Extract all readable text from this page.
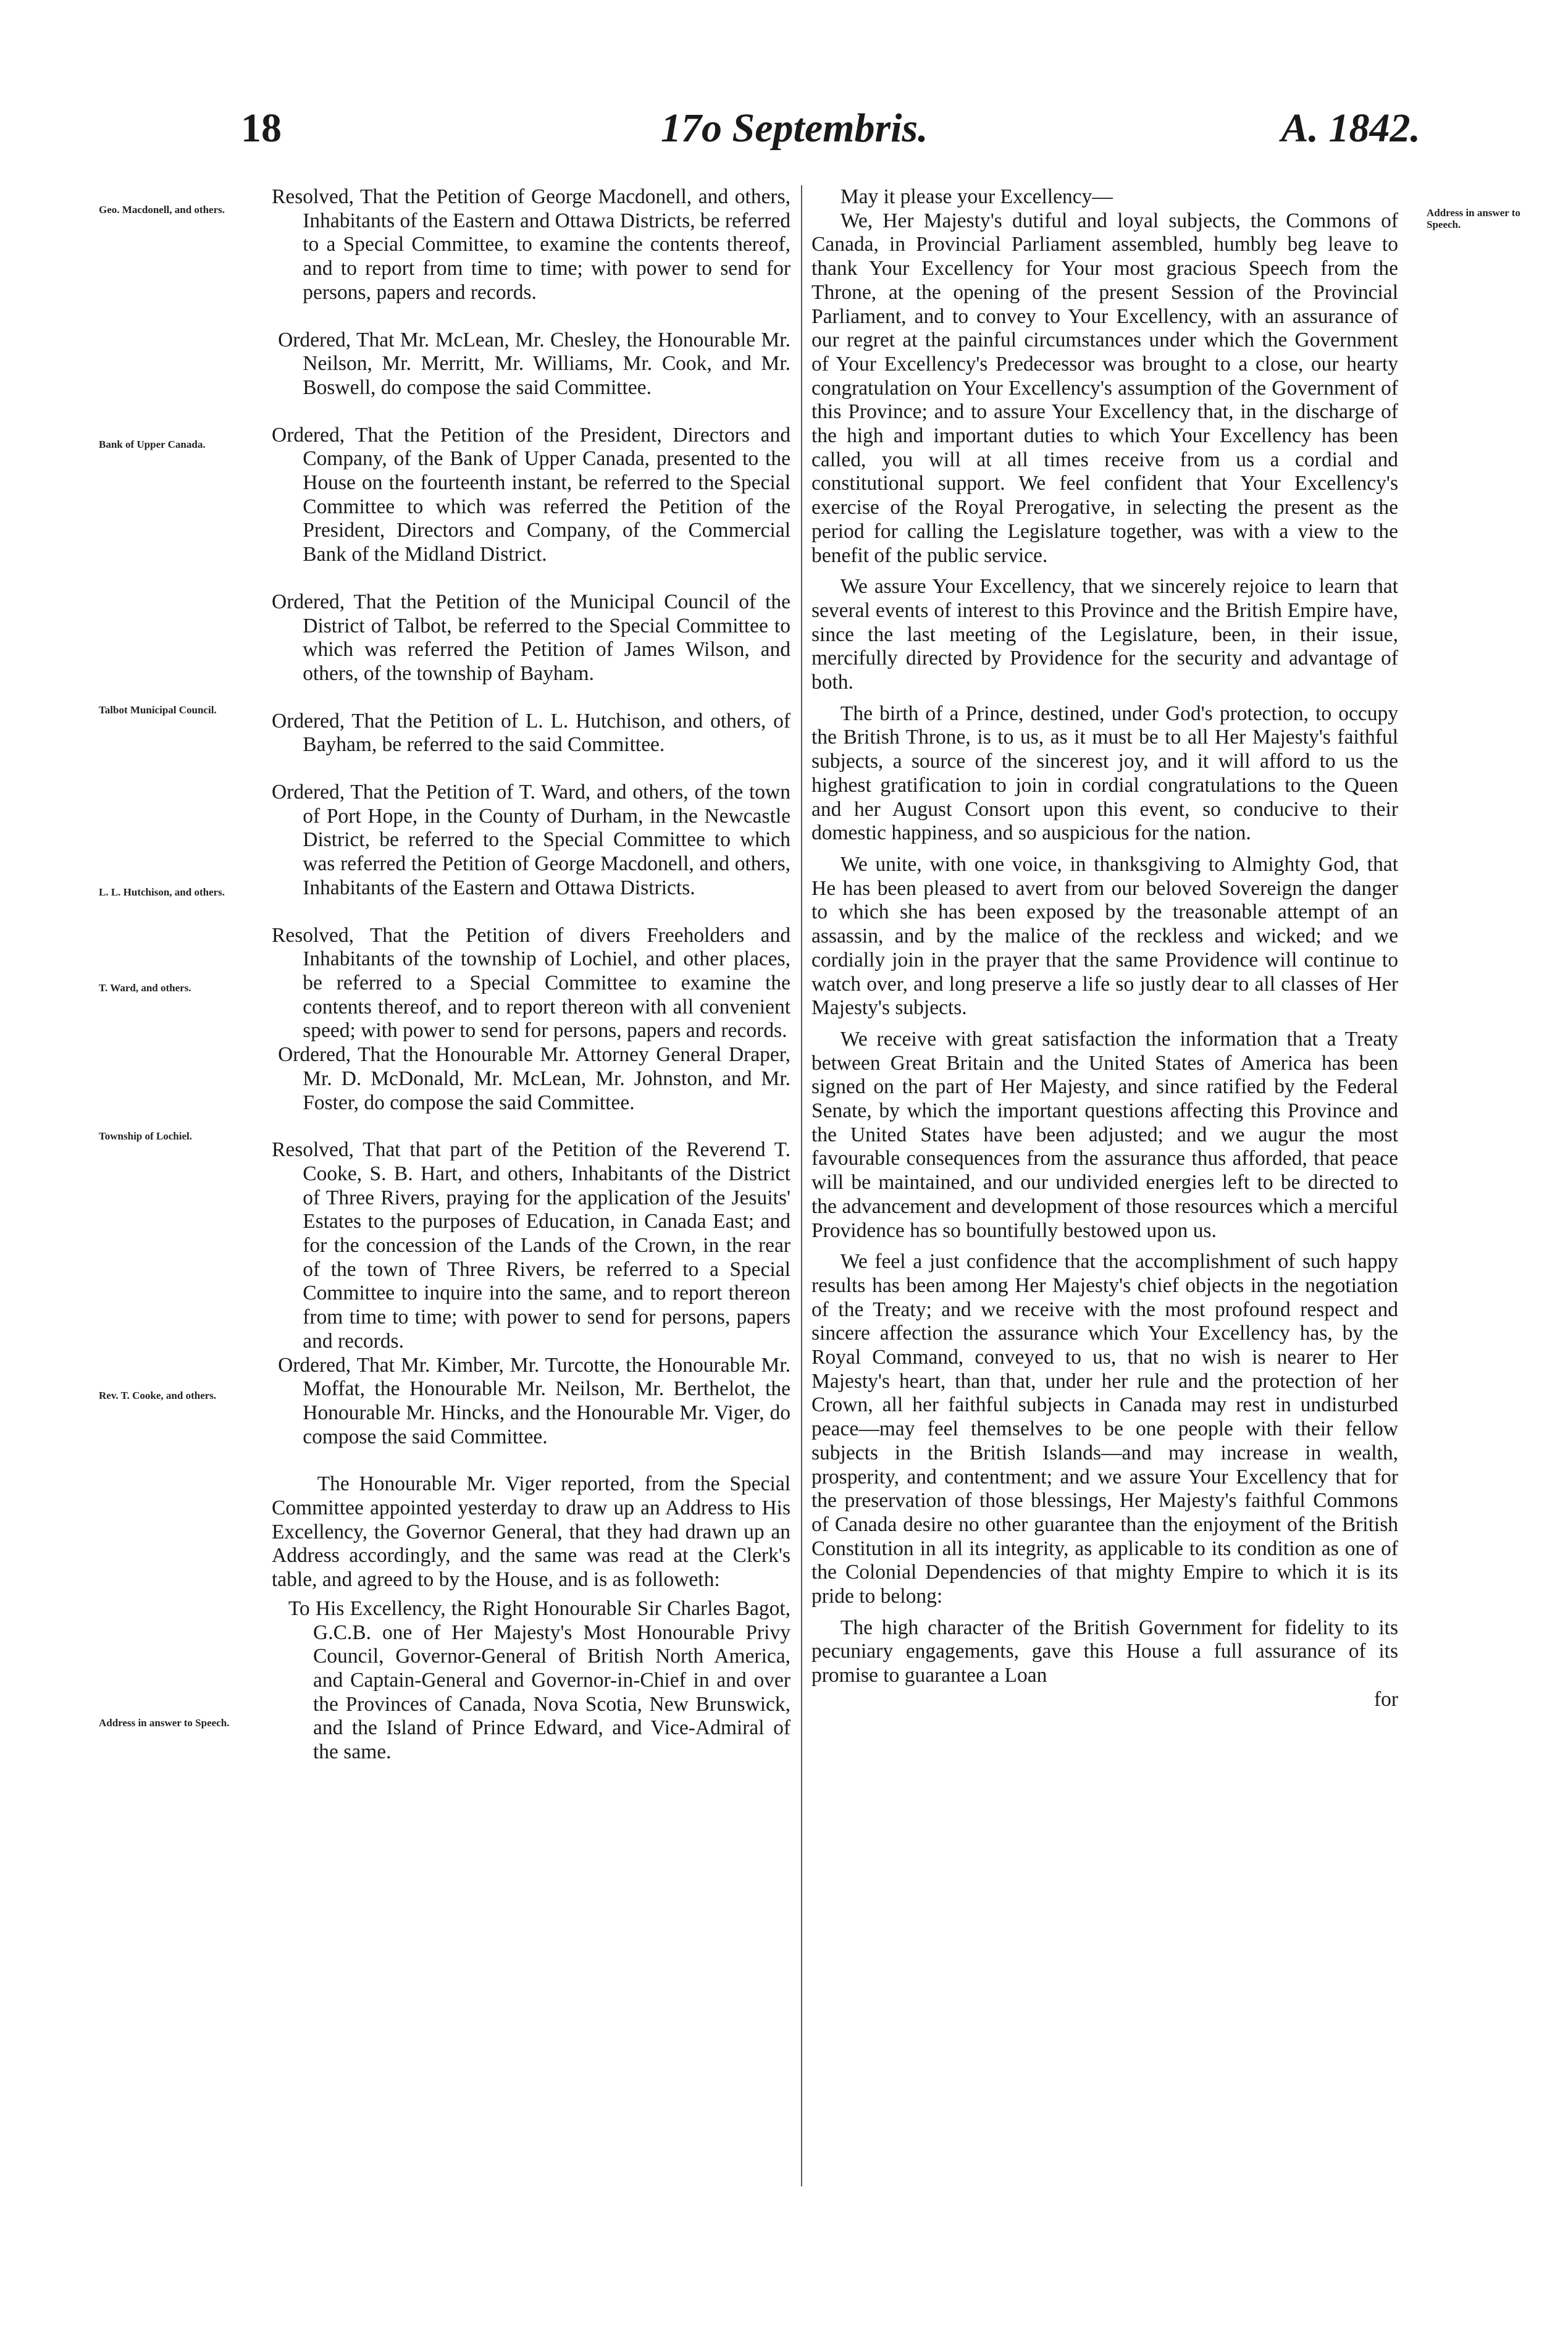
18	17o Septembris.	A. 1842.
Geo. Macdonell, and others.
Bank of Upper Canada.
Talbot Municipal Council.
L. L. Hutchison, and others.
T. Ward, and others.
Township of Lochiel.
Rev. T. Cooke, and others.
Address in answer to Speech.
Address in answer to Speech.

Resolved, That the Petition of George Macdonell, and others, Inhabitants of the Eastern and Ottawa Districts, be referred to a Special Committee, to examine the contents thereof, and to report from time to time; with power to send for persons, papers and records.

Ordered, That Mr. McLean, Mr. Chesley, the Honourable Mr. Neilson, Mr. Merritt, Mr. Williams, Mr. Cook, and Mr. Boswell, do compose the said Committee.

Ordered, That the Petition of the President, Directors and Company, of the Bank of Upper Canada, presented to the House on the fourteenth instant, be referred to the Special Committee to which was referred the Petition of the President, Directors and Company, of the Commercial Bank of the Midland District.

Ordered, That the Petition of the Municipal Council of the District of Talbot, be referred to the Special Committee to which was referred the Petition of James Wilson, and others, of the township of Bayham.

Ordered, That the Petition of L. L. Hutchison, and others, of Bayham, be referred to the said Committee.

Ordered, That the Petition of T. Ward, and others, of the town of Port Hope, in the County of Durham, in the Newcastle District, be referred to the Special Committee to which was referred the Petition of George Macdonell, and others, Inhabitants of the Eastern and Ottawa Districts.

Resolved, That the Petition of divers Freeholders and Inhabitants of the township of Lochiel, and other places, be referred to a Special Committee to examine the contents thereof, and to report thereon with all convenient speed; with power to send for persons, papers and records.

Ordered, That the Honourable Mr. Attorney General Draper, Mr. D. McDonald, Mr. McLean, Mr. Johnston, and Mr. Foster, do compose the said Committee.

Resolved, That that part of the Petition of the Reverend T. Cooke, S. B. Hart, and others, Inhabitants of the District of Three Rivers, praying for the application of the Jesuits' Estates to the purposes of Education, in Canada East; and for the concession of the Lands of the Crown, in the rear of the town of Three Rivers, be referred to a Special Committee to inquire into the same, and to report thereon from time to time; with power to send for persons, papers and records.

Ordered, That Mr. Kimber, Mr. Turcotte, the Honourable Mr. Moffat, the Honourable Mr. Neilson, Mr. Berthelot, the Honourable Mr. Hincks, and the Honourable Mr. Viger, do compose the said Committee.

The Honourable Mr. Viger reported, from the Special Committee appointed yesterday to draw up an Address to His Excellency, the Governor General, that they had drawn up an Address accordingly, and the same was read at the Clerk's table, and agreed to by the House, and is as followeth:

To His Excellency, the Right Honourable Sir Charles Bagot, G.C.B. one of Her Majesty's Most Honourable Privy Council, Governor-General of British North America, and Captain-General and Governor-in-Chief in and over the Provinces of Canada, Nova Scotia, New Brunswick, and the Island of Prince Edward, and Vice-Admiral of the same.

May it please your Excellency—

We, Her Majesty's dutiful and loyal subjects, the Commons of Canada, in Provincial Parliament assembled, humbly beg leave to thank Your Excellency for Your most gracious Speech from the Throne, at the opening of the present Session of the Provincial Parliament, and to convey to Your Excellency, with an assurance of our regret at the painful circumstances under which the Government of Your Excellency's Predecessor was brought to a close, our hearty congratulation on Your Excellency's assumption of the Government of this Province; and to assure Your Excellency that, in the discharge of the high and important duties to which Your Excellency has been called, you will at all times receive from us a cordial and constitutional support. We feel confident that Your Excellency's exercise of the Royal Prerogative, in selecting the present as the period for calling the Legislature together, was with a view to the benefit of the public service.

We assure Your Excellency, that we sincerely rejoice to learn that several events of interest to this Province and the British Empire have, since the last meeting of the Legislature, been, in their issue, mercifully directed by Providence for the security and advantage of both.

The birth of a Prince, destined, under God's protection, to occupy the British Throne, is to us, as it must be to all Her Majesty's faithful subjects, a source of the sincerest joy, and it will afford to us the highest gratification to join in cordial congratulations to the Queen and her August Consort upon this event, so conducive to their domestic happiness, and so auspicious for the nation.

We unite, with one voice, in thanksgiving to Almighty God, that He has been pleased to avert from our beloved Sovereign the danger to which she has been exposed by the treasonable attempt of an assassin, and by the malice of the reckless and wicked; and we cordially join in the prayer that the same Providence will continue to watch over, and long preserve a life so justly dear to all classes of Her Majesty's subjects.

We receive with great satisfaction the information that a Treaty between Great Britain and the United States of America has been signed on the part of Her Majesty, and since ratified by the Federal Senate, by which the important questions affecting this Province and the United States have been adjusted; and we augur the most favourable consequences from the assurance thus afforded, that peace will be maintained, and our undivided energies left to be directed to the advancement and development of those resources which a merciful Providence has so bountifully bestowed upon us.

We feel a just confidence that the accomplishment of such happy results has been among Her Majesty's chief objects in the negotiation of the Treaty; and we receive with the most profound respect and sincere affection the assurance which Your Excellency has, by the Royal Command, conveyed to us, that no wish is nearer to Her Majesty's heart, than that, under her rule and the protection of her Crown, all her faithful subjects in Canada may rest in undisturbed peace—may feel themselves to be one people with their fellow subjects in the British Islands—and may increase in wealth, prosperity, and contentment; and we assure Your Excellency that for the preservation of those blessings, Her Majesty's faithful Commons of Canada desire no other guarantee than the enjoyment of the British Constitution in all its integrity, as applicable to its condition as one of the Colonial Dependencies of that mighty Empire to which it is its pride to belong:

The high character of the British Government for fidelity to its pecuniary engagements, gave this House a full assurance of its promise to guarantee a Loan

for
